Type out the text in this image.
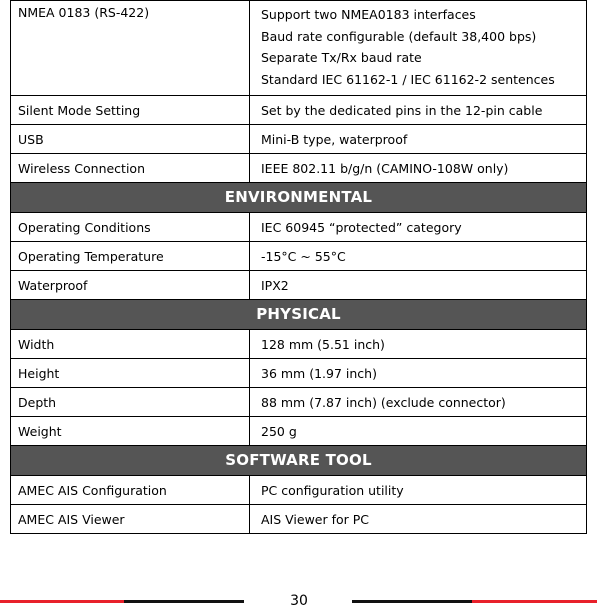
NMEA 0183 (RS-422)	Support two NMEA0183 interfaces
Baud rate configurable (default 38,400 bps)
Separate Tx/Rx baud rate
Standard IEC 61162-1 / IEC 61162-2 sentences

Silent Mode Setting	Set by the dedicated pins in the 12-pin cable
USB	Mini-B type, waterproof
Wireless Connection	IEEE 802.11 b/g/n (CAMINO-108W only)
ENVIRONMENTAL	
Operating Conditions	IEC 60945 “protected” category
Operating Temperature	-15°C ~ 55°C
Waterproof	IPX2
PHYSICAL	
Width	128 mm (5.51 inch)
Height	36 mm (1.97 inch)
Depth	88 mm (7.87 inch) (exclude connector)
Weight	250 g
SOFTWARE TOOL	
AMEC AIS Configuration	PC configuration utility
AMEC AIS Viewer	AIS Viewer for PC
30
